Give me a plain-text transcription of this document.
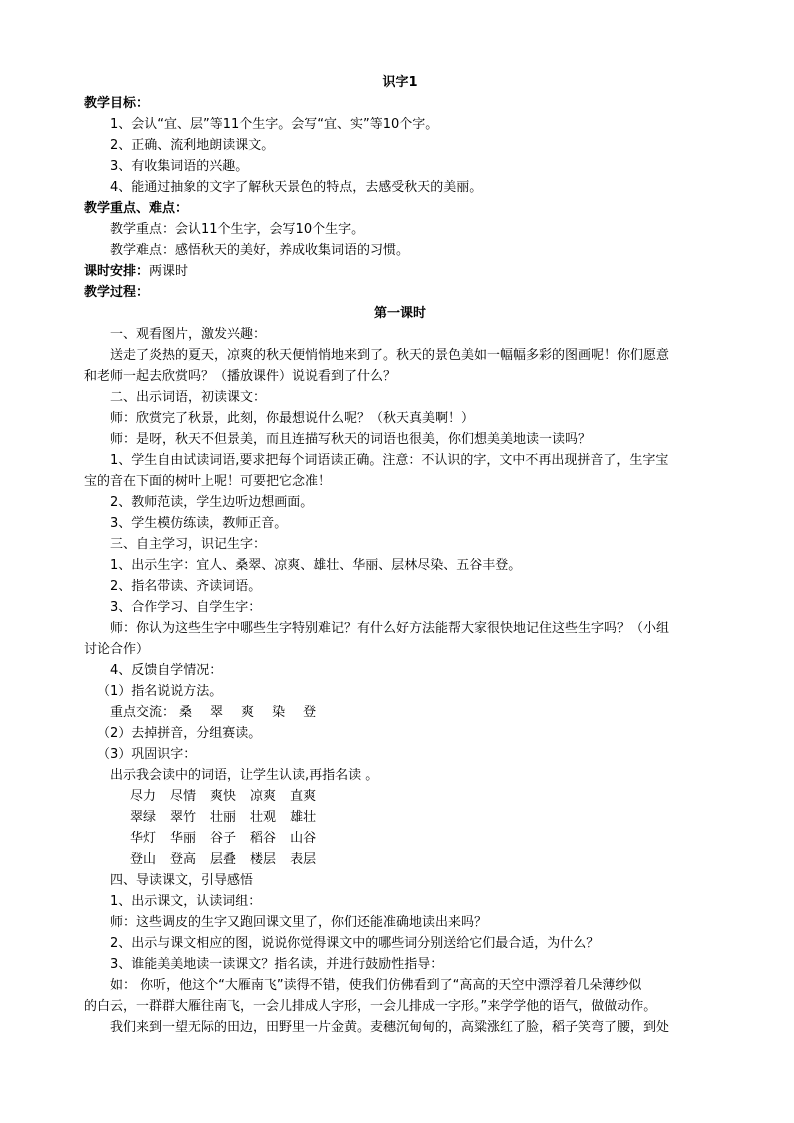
识字1
教学目标：
1、会认“宜、层”等11个生字。会写“宜、实”等10个字。
2、正确、流利地朗读课文。
3、有收集词语的兴趣。
4、能通过抽象的文字了解秋天景色的特点，去感受秋天的美丽。
教学重点、难点：
教学重点：会认11个生字，会写10个生字。
教学难点：感悟秋天的美好，养成收集词语的习惯。
课时安排：两课时
教学过程：
第一课时
一、观看图片，激发兴趣：
送走了炎热的夏天，凉爽的秋天便悄悄地来到了。秋天的景色美如一幅幅多彩的图画呢！你们愿意
和老师一起去欣赏吗？（播放课件）说说看到了什么？
二、出示词语，初读课文：
师：欣赏完了秋景，此刻，你最想说什么呢？（秋天真美啊！）
师：是呀，秋天不但景美，而且连描写秋天的词语也很美，你们想美美地读一读吗？
1、学生自由试读词语,要求把每个词语读正确。注意：不认识的字，文中不再出现拼音了，生字宝
宝的音在下面的树叶上呢！可要把它念准！
2、教师范读，学生边听边想画面。
3、学生模仿练读，教师正音。
三、自主学习，识记生字：
1、出示生字：宜人、桑翠、凉爽、雄壮、华丽、层林尽染、五谷丰登。
2、指名带读、齐读词语。
3、合作学习、自学生字：
师：你认为这些生字中哪些生字特别难记？有什么好方法能帮大家很快地记住这些生字吗？（小组
讨论合作）
4、反馈自学情况：
（1）指名说说方法。
重点交流： 桑 翠 爽 染 登
（2）去掉拼音，分组赛读。
（3）巩固识字：
出示我会读中的词语，让学生认读,再指名读 。
尽力 尽情 爽快 凉爽 直爽
翠绿 翠竹 壮丽 壮观 雄壮
华灯 华丽 谷子 稻谷 山谷
登山 登高 层叠 楼层 表层
四、导读课文，引导感悟
1、出示课文，认读词组：
师：这些调皮的生字又跑回课文里了，你们还能准确地读出来吗？
2、出示与课文相应的图，说说你觉得课文中的哪些词分别送给它们最合适，为什么？
3、谁能美美地读一读课文？指名读，并进行鼓励性指导：
如： 你听，他这个“大雁南飞”读得不错，使我们仿佛看到了“高高的天空中漂浮着几朵薄纱似
的白云，一群群大雁往南飞，一会儿排成人字形，一会儿排成一字形。”来学学他的语气，做做动作。
我们来到一望无际的田边，田野里一片金黄。麦穗沉甸甸的，高粱涨红了脸，稻子笑弯了腰，到处
